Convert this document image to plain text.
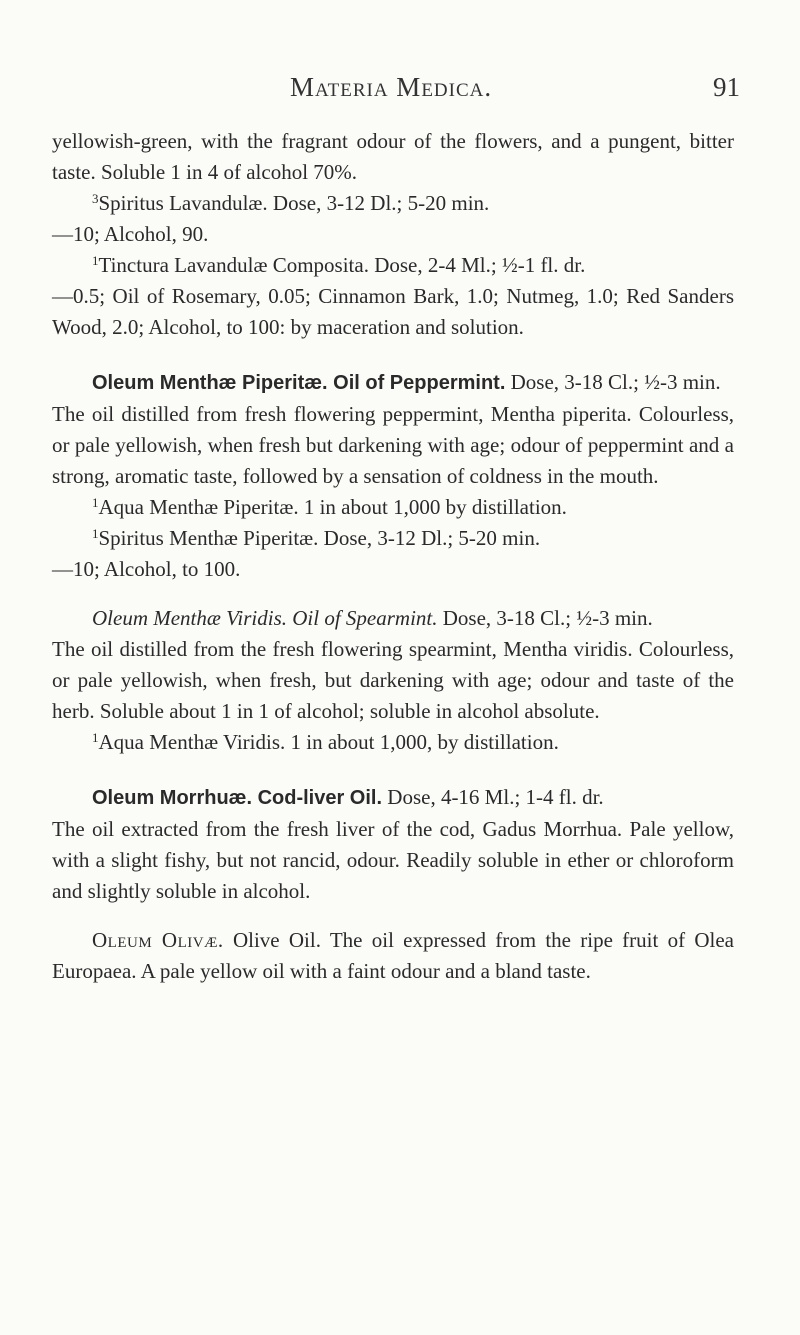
Materia Medica.	91

yellowish-green, with the fragrant odour of the flowers, and a pungent, bitter taste. Soluble 1 in 4 of alcohol 70%.

$^3$Spiritus Lavandulæ. Dose, 3-12 Dl.; 5-20 min.

—10; Alcohol, 90.

$^1$Tinctura Lavandulæ Composita. Dose, 2-4 Ml.; ½-1 fl. dr.

—0.5; Oil of Rosemary, 0.05; Cinnamon Bark, 1.0; Nutmeg, 1.0; Red Sanders Wood, 2.0; Alcohol, to 100: by maceration and solution.

Oleum Menthæ Piperitæ. Oil of Peppermint. Dose, 3-18 Cl.; ½-3 min.

The oil distilled from fresh flowering peppermint, Mentha piperita. Colourless, or pale yellowish, when fresh but darkening with age; odour of peppermint and a strong, aromatic taste, followed by a sensation of coldness in the mouth.

$^1$Aqua Menthæ Piperitæ. 1 in about 1,000 by distillation.

$^1$Spiritus Menthæ Piperitæ. Dose, 3-12 Dl.; 5-20 min.

—10; Alcohol, to 100.

Oleum Menthæ Viridis. Oil of Spearmint. Dose, 3-18 Cl.; ½-3 min.

The oil distilled from the fresh flowering spearmint, Mentha viridis. Colourless, or pale yellowish, when fresh, but darkening with age; odour and taste of the herb. Soluble about 1 in 1 of alcohol; soluble in alcohol absolute.

$^1$Aqua Menthæ Viridis. 1 in about 1,000, by distillation.

Oleum Morrhuæ. Cod-liver Oil. Dose, 4-16 Ml.; 1-4 fl. dr.

The oil extracted from the fresh liver of the cod, Gadus Morrhua. Pale yellow, with a slight fishy, but not rancid, odour. Readily soluble in ether or chloroform and slightly soluble in alcohol.

Oleum Olivæ. Olive Oil. The oil expressed from the ripe fruit of Olea Europaea. A pale yellow oil with a faint odour and a bland taste.
